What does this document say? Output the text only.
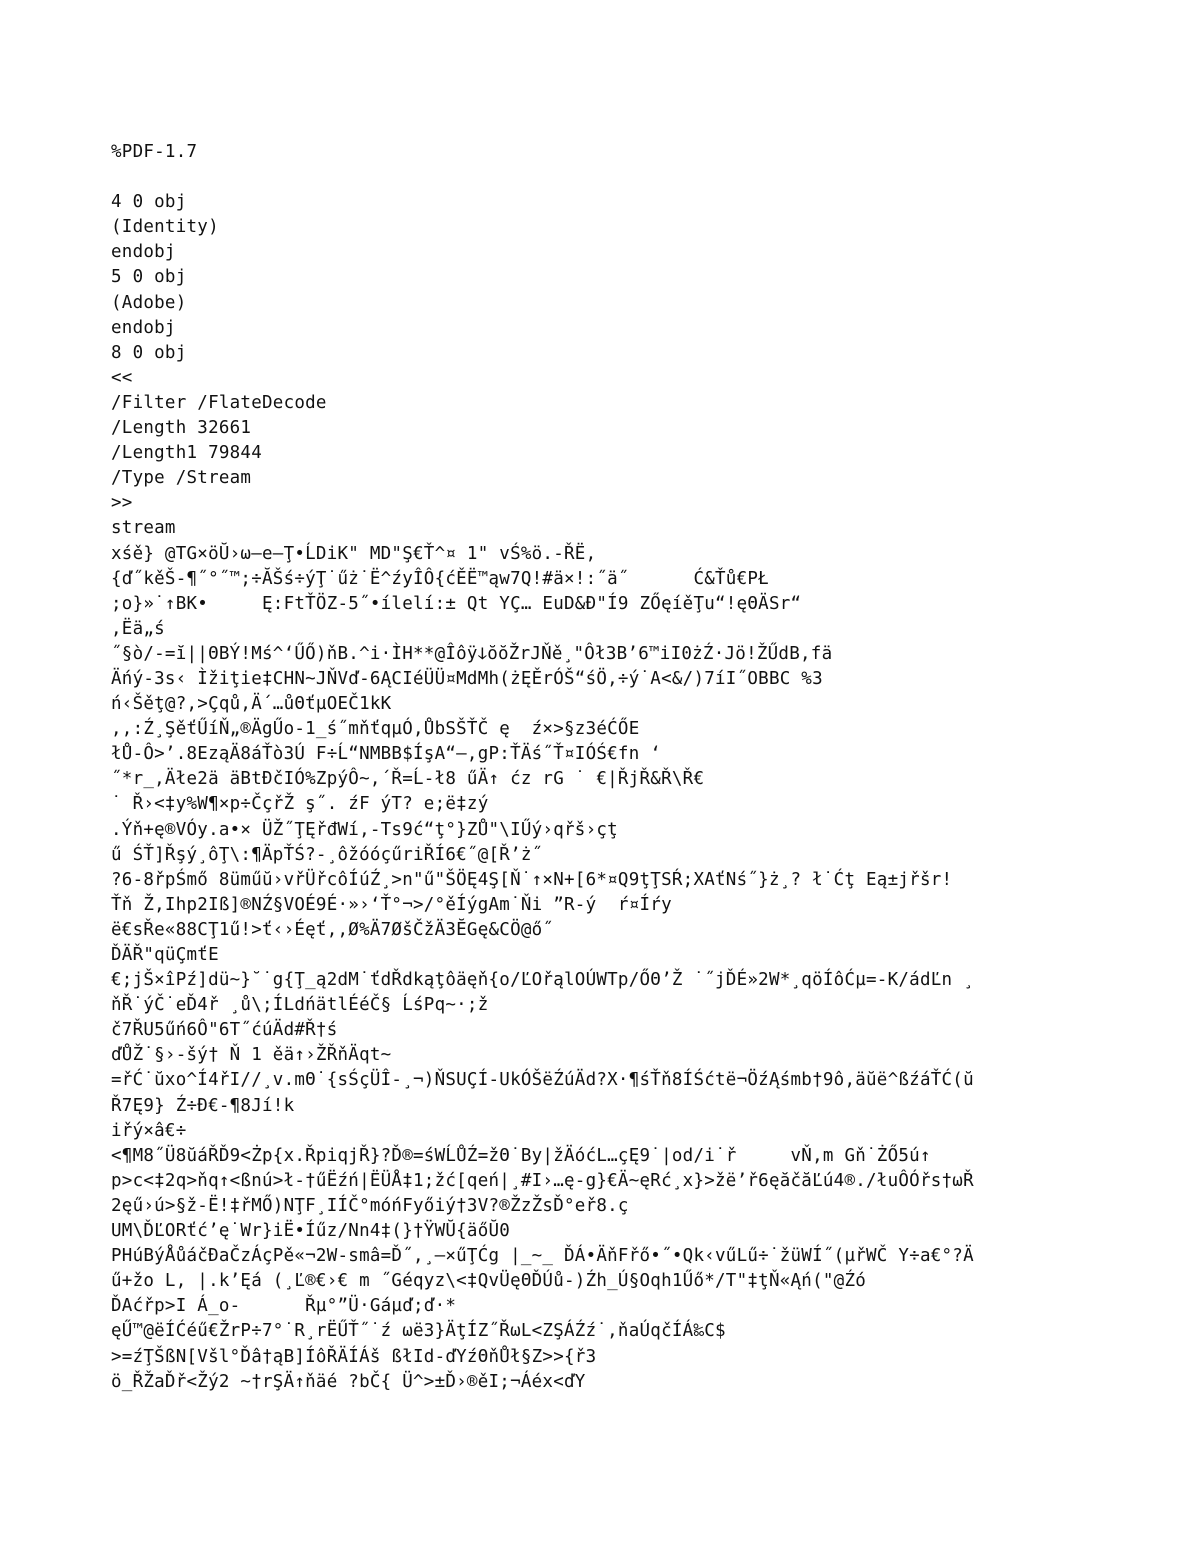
%PDF-1.7
4 0 obj
(Identity)
endobj
5 0 obj
(Adobe)
endobj
8 0 obj
<<
/Filter /FlateDecode
/Length 32661
/Length1 79844
/Type /Stream
>>
stream
xśě} @TG×öŬ›ω—e—Ţ•ĹDiK" MD"Ş€Ť^¤ 1" vŚ%ö.-ŘË,
{ď˝kěŠ-¶˝°˝™;÷ĂŠś÷ýŢ˙űż˙Ë^źyÎÔ{ćĚË™ąw7Q!#ä×!:˝ä˝      Ć&Ťů€PŁ
;o}»˙↑BK•     Ę:FtŤÖZ-5˝•ílelí:± Qt YÇ… EuD&Ð"Í9 ZŐęíěŢu“!ęΘÄSr“
,Ëä„ś
˝§ò/-=ĭ||ΘBÝ!Mś^‘ŰŐ)ňB.^i·ÌH**@ÎôÿↆŏŏŽrJŇě¸"Ôł3B’6™iI0żŹ·Jö!ŽŰdB,fä
Äńý-3s‹ Ìžiţie‡CHN~JŇVď-6ĄCIéÜÜ¤MdMh(żĘĚrÓŠ“śÖ,÷ý˙A<&/)7íI˝OBBC %3
ń‹Šěţ@?,>Çqů,Ä´…ůΘťµOEČ1kK
,,:Ź¸ŞěťŰíŇ„®ÄgŰo-1_ś˝mňťqµÓ,ŮbSŠŤČ ę  ź×>§z3éĆŐE
łŮ-Ô>’.8EząÄ8áŤò3Ú F÷Ĺ“NMBB$ÍşA“–,gP:ŤÄś˝Ť¤IÓŚ€fn ‘
˝*r_,Äłe2ä äBtĐčIÓ%ZpýÔ~,´Ř=Ĺ-ł8 űÄ↑ ćz rG ˙ €|ŘjŘ&Ř\Ř€
˙ Ř›<‡y%W¶×p÷ČçřŽ ş˝. źF ýT? e;ë‡zý
.Ýň+ę®VÓy.a•× ÜŽ˝ŢĘřđWí,-Ts9ć“ţ°}ZŮ"\IŰý›qřš›çţ
ű ŚŤ]Řşý¸ôŢ\:¶ÄpŤŚ?-¸ôžóóçűriŘÍ6€˝@[Ř’ż˝
?6-8řpŚmő 8üműŭ›vřÜřcôÍúŹ¸>n"ű"ŠÖĘ4Ş[Ň˙↑×N+[6*¤Q9ţŢSŔ;XAťNś˝}ż¸? ł˙Ćţ Eą±jřšr!
Ťň Ž,Ihp2Iß]®NŹ§VOÉ9É·»›‘Ť°¬>/°ěÍýgAm˙Ňi ”R-ý  ŕ¤Íŕy
ë€sŘe«88CŢ1ű!>ť‹›Éęť,,Ø%Ä7ØšČžÄ3ĔGę&CÖ@ő˝
ĎÄŘ"qüÇmťE
€;jŠ×îPź]dü~}˘˙g{Ţ_ą2dM˙ťdŘdkąţôäęň{o/ĽOřąlOÚWTp/ŐΘ’Ž ˙˝jĎÉ»2W*¸qöÍôĆµ=-K/ádĽn ¸
ňŘ˙ýČ˙eĎ4ř ¸ů\;ÍLdńätlÉéČ§ ĹśPq~·;ž
č7ŘU5űń6Ô"6T˝ćúÄd#Ř†ś
ďŮŽ˙§›-šý† Ň 1 ěä↑›ŽŘňÄqt~
=řĆ˙ŭxo^Í4řI//¸v.mΘ˙{sŚçÜÎ-¸¬)ŇSUÇÍ-UkÓŠëŹúÄd?X·¶śŤň8ÍŚćtë¬ÖźĄśmb†9ô,äŭë^ßźáŤĆ(ŭ
Ř7Ę9} Ź÷Đ€-¶8Jí!k
iřý×â€÷
<¶M8˝Ü8ŭáŘĎ9<Żp{x.ŘpiqjŘ}?Ď®=śWĹŮŹ=žΘ˙By|žÄóćL…çĘ9˙|od/i˙ř     vŇ,m Gň˙ŻŐ5ú↑
p>c<‡2q>ňq↑<ßnú>ł-†űËźń|ËÜÅ‡1;žć[qeń|¸#I›…ę-g}€Ä~ęRć¸x}>žë’ř6ęăčăĽú4®./łuÔÓřs†ωŘ
2ęű›ú>§ž-Ë!‡řMŐ)NŢF¸IÍČ°móńFyőiý†3V?®ŽzŽsĎ°eř8.ç
UM\ĎĽORťć’ę˙Wr}iË•Íűz/Nn4‡(}†ŸWŬ{äőŬ0
PHúBýÅůáčĐaČzÁçPě«¬2W-smâ=Ď˝,¸–×űŢĆg |_~_ ĎÁ•ÄňFřő•˝•Qk‹vűLű÷˙žüWÍ˝(µřWČ Y÷a€°?Ä
ű+žo L, |.k’Ęá (¸Ľ®€›€ m ˝Géqyz\<‡QvÜęΘĎÚů-)Źh_Ú§Oqh1Űő*/T"‡ţŇ«Ąń("@Źó
ĎAćřp>I Á_o-      Řµ°”Ü·Gáµď;ď·*
ęŰ™@ëÍĆéű€ŽrP÷7°˙R¸rËŰŤ˝˙ź ωë3}ÄţÍZ˝ŘωL<ZŞÁŹź˙,ňaÚqčÍÁ‰C$
>=źŢŠßN[Všl°Ďâ†ąB]ÍôŘÄÍÁš ßłId-ďYźΘňŮł§Z>>{ř3
ö_ŘŽaĎř<Žý2 ~†rŞÄ↑ňäé ?bČ{ Ü^>±Ď›®ěI;¬Áéx<ďY
